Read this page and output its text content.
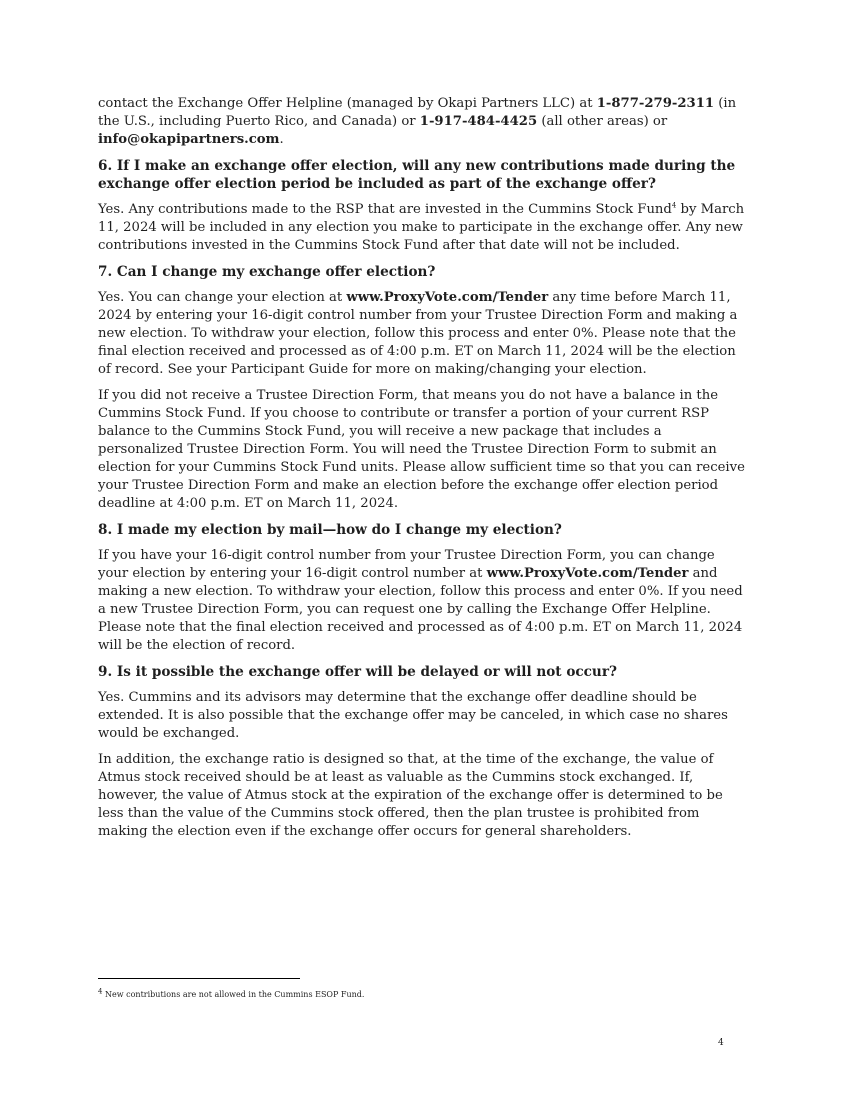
contact the Exchange Offer Helpline (managed by Okapi Partners LLC) at 1-877-279-2311 (in the U.S., including Puerto Rico, and Canada) or 1-917-484-4425 (all other areas) or info@okapipartners.com.

6. If I make an exchange offer election, will any new contributions made during the exchange offer election period be included as part of the exchange offer?

Yes. Any contributions made to the RSP that are invested in the Cummins Stock Fund$^4$ by March 11, 2024 will be included in any election you make to participate in the exchange offer. Any new contributions invested in the Cummins Stock Fund after that date will not be included.

7. Can I change my exchange offer election?

Yes. You can change your election at www.ProxyVote.com/Tender any time before March 11, 2024 by entering your 16-digit control number from your Trustee Direction Form and making a new election. To withdraw your election, follow this process and enter 0%. Please note that the final election received and processed as of 4:00 p.m. ET on March 11, 2024 will be the election of record. See your Participant Guide for more on making/changing your election.

If you did not receive a Trustee Direction Form, that means you do not have a balance in the Cummins Stock Fund. If you choose to contribute or transfer a portion of your current RSP balance to the Cummins Stock Fund, you will receive a new package that includes a personalized Trustee Direction Form. You will need the Trustee Direction Form to submit an election for your Cummins Stock Fund units. Please allow sufficient time so that you can receive your Trustee Direction Form and make an election before the exchange offer election period deadline at 4:00 p.m. ET on March 11, 2024.

8. I made my election by mail—how do I change my election?

If you have your 16-digit control number from your Trustee Direction Form, you can change your election by entering your 16-digit control number at www.ProxyVote.com/Tender and making a new election. To withdraw your election, follow this process and enter 0%. If you need a new Trustee Direction Form, you can request one by calling the Exchange Offer Helpline. Please note that the final election received and processed as of 4:00 p.m. ET on March 11, 2024 will be the election of record.

9. Is it possible the exchange offer will be delayed or will not occur?

Yes. Cummins and its advisors may determine that the exchange offer deadline should be extended. It is also possible that the exchange offer may be canceled, in which case no shares would be exchanged.

In addition, the exchange ratio is designed so that, at the time of the exchange, the value of Atmus stock received should be at least as valuable as the Cummins stock exchanged. If, however, the value of Atmus stock at the expiration of the exchange offer is determined to be less than the value of the Cummins stock offered, then the plan trustee is prohibited from making the election even if the exchange offer occurs for general shareholders.

$^4$ New contributions are not allowed in the Cummins ESOP Fund.
4
